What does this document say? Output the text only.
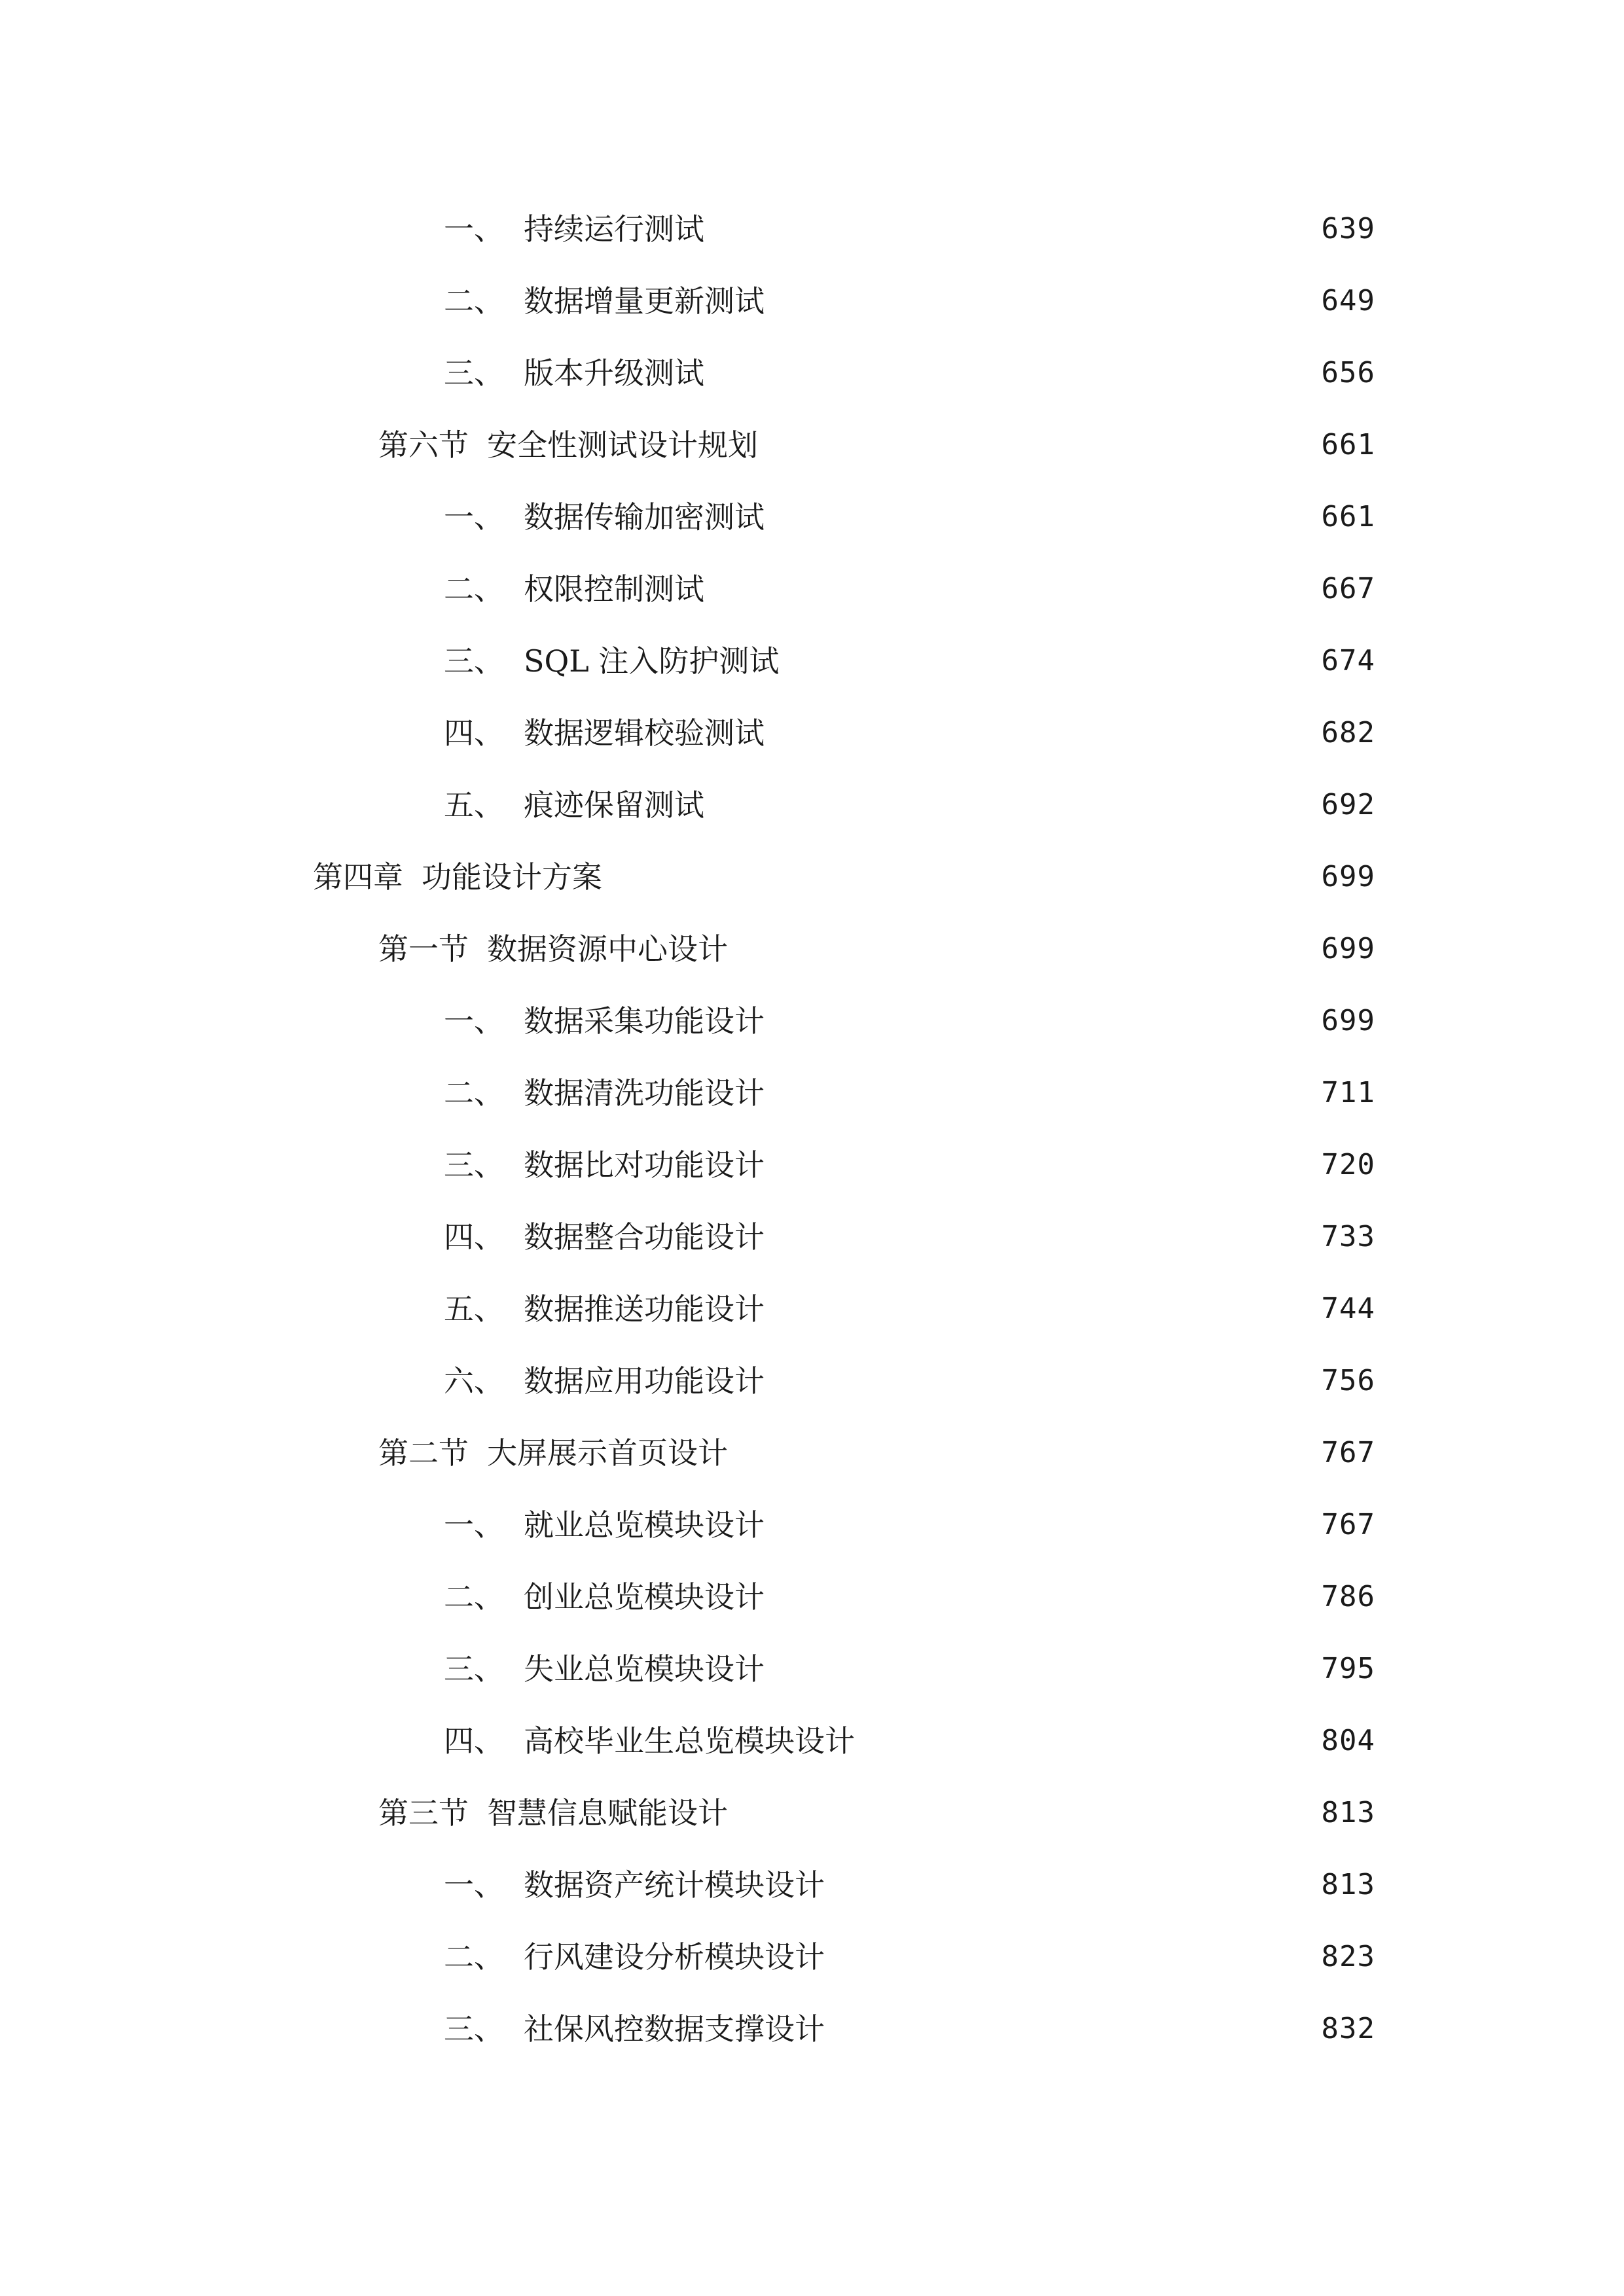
一、 持续运行测试	639
二、 数据增量更新测试	649
三、 版本升级测试	656
第六节 安全性测试设计规划	661
一、 数据传输加密测试	661
二、 权限控制测试	667
三、 SQL 注入防护测试	674
四、 数据逻辑校验测试	682
五、 痕迹保留测试	692
第四章 功能设计方案	699
第一节 数据资源中心设计	699
一、 数据采集功能设计	699
二、 数据清洗功能设计	711
三、 数据比对功能设计	720
四、 数据整合功能设计	733
五、 数据推送功能设计	744
六、 数据应用功能设计	756
第二节 大屏展示首页设计	767
一、 就业总览模块设计	767
二、 创业总览模块设计	786
三、 失业总览模块设计	795
四、 高校毕业生总览模块设计	804
第三节 智慧信息赋能设计	813
一、 数据资产统计模块设计	813
二、 行风建设分析模块设计	823
三、 社保风控数据支撑设计	832
